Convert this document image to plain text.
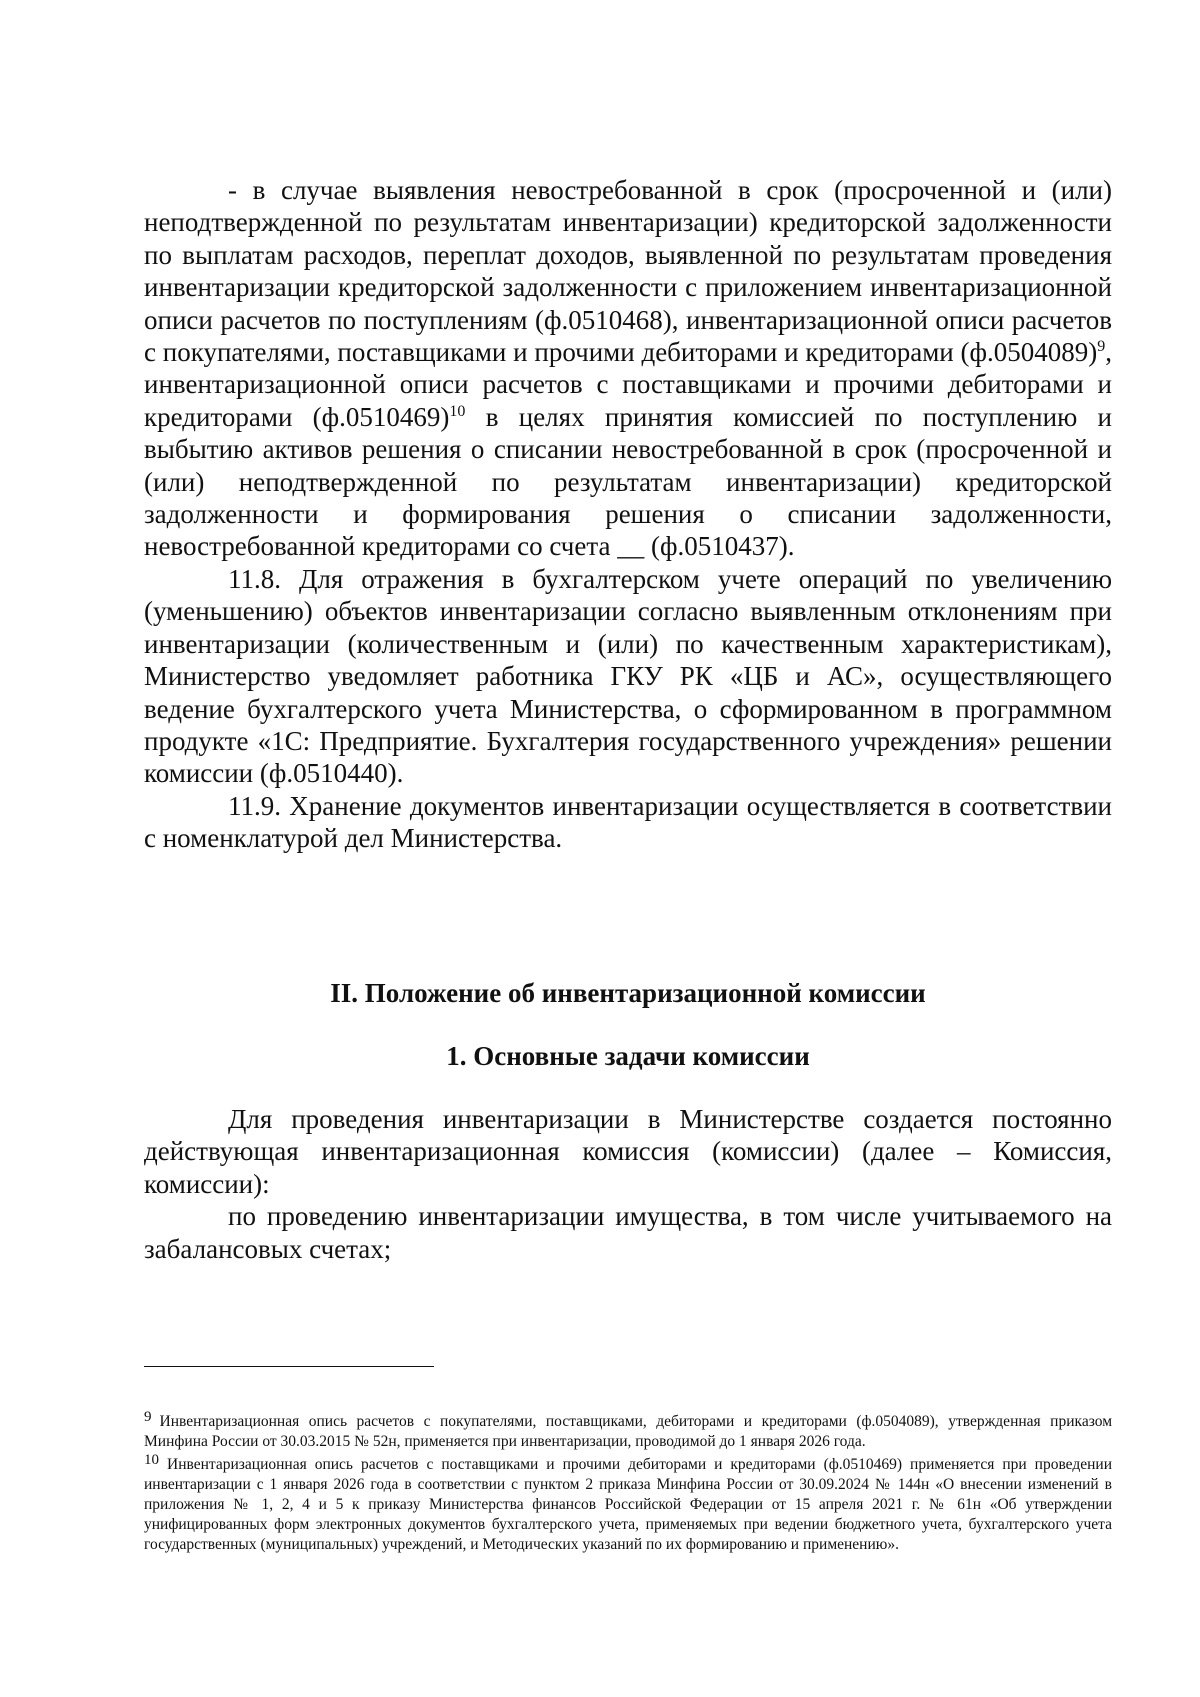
- в случае выявления невостребованной в срок (просроченной и (или) неподтвержденной по результатам инвентаризации) кредиторской задолженности по выплатам расходов, переплат доходов, выявленной по результатам проведения инвентаризации кредиторской задолженности с приложением инвентаризационной описи расчетов по поступлениям (ф.0510468), инвентаризационной описи расчетов с покупателями, поставщиками и прочими дебиторами и кредиторами $(ф.0504089)^9$, инвентаризационной описи расчетов с поставщиками и прочими дебиторами и кредиторами $(ф.0510469)^{10}$ в целях принятия комиссией по поступлению и выбытию активов решения о списании невостребованной в срок (просроченной и (или) неподтвержденной по результатам инвентаризации) кредиторской задолженности и формирования решения о списании задолженности, невостребованной кредиторами со счета __ (ф.0510437).

11.8. Для отражения в бухгалтерском учете операций по увеличению (уменьшению) объектов инвентаризации согласно выявленным отклонениям при инвентаризации (количественным и (или) по качественным характеристикам), Министерство уведомляет работника ГКУ РК «ЦБ и АС», осуществляющего ведение бухгалтерского учета Министерства, о сформированном в программном продукте «1С: Предприятие. Бухгалтерия государственного учреждения» решении комиссии (ф.0510440).

11.9. Хранение документов инвентаризации осуществляется в соответствии с номенклатурой дел Министерства.

II. Положение об инвентаризационной комиссии
1. Основные задачи комиссии

Для проведения инвентаризации в Министерстве создается постоянно действующая инвентаризационная комиссия (комиссии) (далее – Комиссия, комиссии):

по проведению инвентаризации имущества, в том числе учитываемого на забалансовых счетах;

9 Инвентаризационная опись расчетов с покупателями, поставщиками, дебиторами и кредиторами (ф.0504089), утвержденная приказом Минфина России от 30.03.2015 № 52н, применяется при инвентаризации, проводимой до 1 января 2026 года.

10 Инвентаризационная опись расчетов с поставщиками и прочими дебиторами и кредиторами (ф.0510469) применяется при проведении инвентаризации с 1 января 2026 года в соответствии с пунктом 2 приказа Минфина России от 30.09.2024 № 144н «О внесении изменений в приложения № 1, 2, 4 и 5 к приказу Министерства финансов Российской Федерации от 15 апреля 2021 г. № 61н «Об утверждении унифицированных форм электронных документов бухгалтерского учета, применяемых при ведении бюджетного учета, бухгалтерского учета государственных (муниципальных) учреждений, и Методических указаний по их формированию и применению».
